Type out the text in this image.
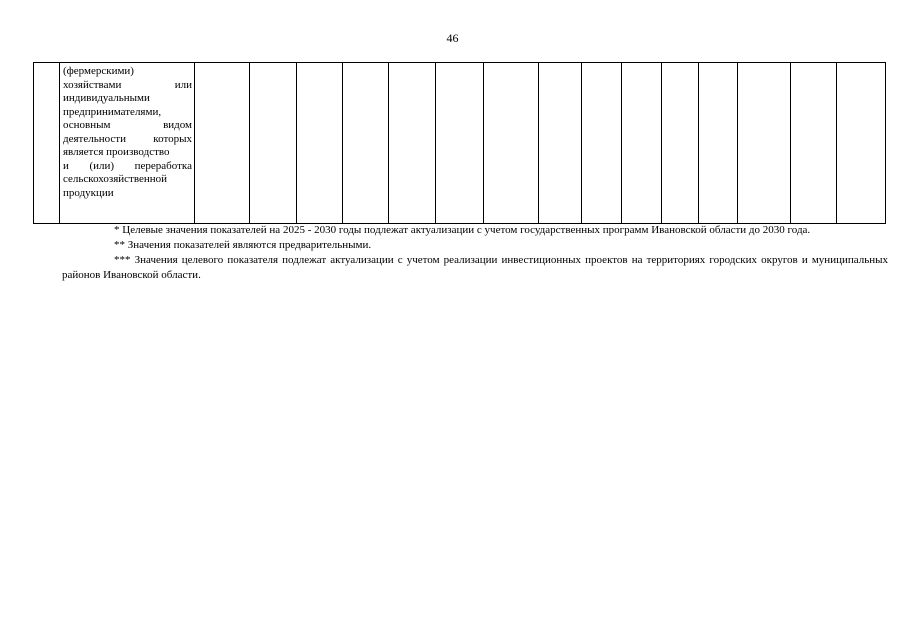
46

(фермерскими)
хозяйствами	или
индивидуальными
предпринимателями,
основным	видом
деятельности которых
является производство
и (или) переработка
сельскохозяйственной
продукции

* Целевые значения показателей на 2025 - 2030 годы подлежат актуализации с учетом государственных программ Ивановской области до 2030 года.

** Значения показателей являются предварительными.

*** Значения целевого показателя подлежат актуализации с учетом реализации инвестиционных проектов на территориях городских округов и муниципальных районов Ивановской области.
